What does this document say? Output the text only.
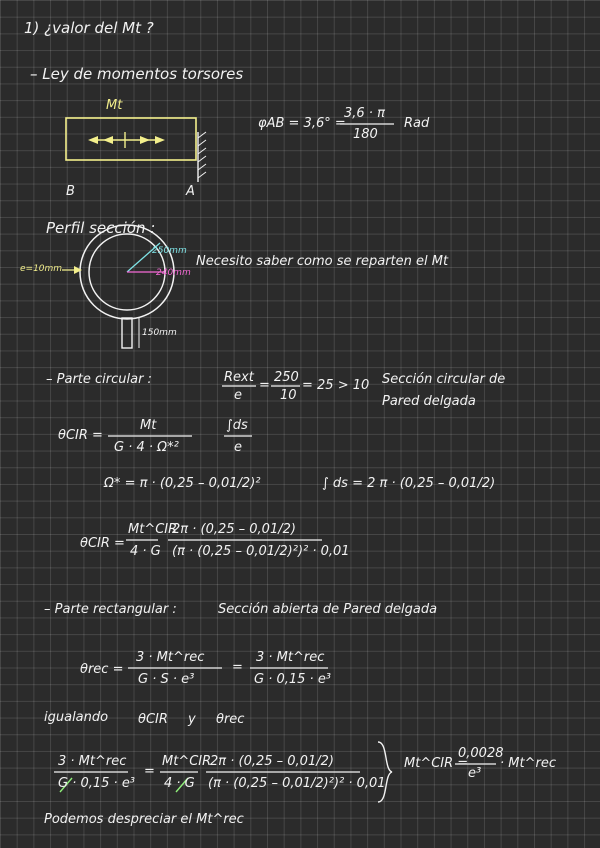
1) ¿valor del Mt ?
– Ley de momentos torsores
Mt
B	A
φAB = 3,6° =
3,6 · π
180
Rad
Perfil sección :
250mm
240mm
e=10mm
150mm
Necesito saber como se reparten el Mt
– Parte circular :	Rext
e
=
250
10
= 25 > 10 Sección circular de
Pared delgada
θCIR =
Mt
G · 4 · Ω*²
∫ds
e
Ω* = π · (0,25 – 0,01/2)²	∫ ds = 2 π · (0,25 – 0,01/2)
θCIR =
Mt^CIR
4 · G
2π · (0,25 – 0,01/2)
(π · (0,25 – 0,01/2)²)² · 0,01
– Parte rectangular :	Sección abierta de Pared delgada
θrec =
3 · Mt^rec
G · S · e³
=
3 · Mt^rec
G · 0,15 · e³
igualando θCIR y θrec
3 · Mt^rec
G · 0,15 · e³
=
Mt^CIR
4 · G
2π · (0,25 – 0,01/2)
(π · (0,25 – 0,01/2)²)² · 0,01
Mt^CIR =
0,0028
e³
· Mt^rec
Podemos despreciar el Mt^rec
